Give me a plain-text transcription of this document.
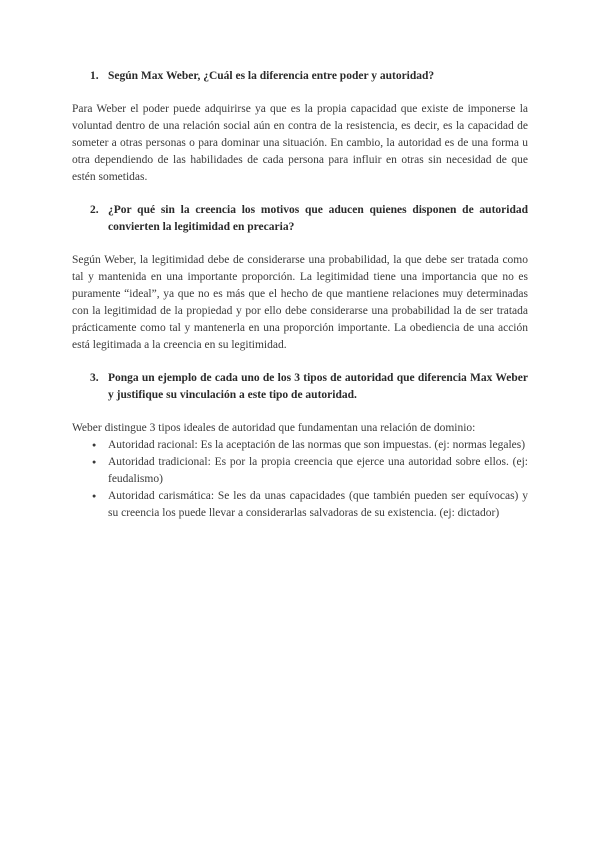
1. Según Max Weber, ¿Cuál es la diferencia entre poder y autoridad?

Para Weber el poder puede adquirirse ya que es la propia capacidad que existe de imponerse la voluntad dentro de una relación social aún en contra de la resistencia, es decir, es la capacidad de someter a otras personas o para dominar una situación. En cambio, la autoridad es de una forma u otra dependiendo de las habilidades de cada persona para influir en otras sin necesidad de que estén sometidas.

2. ¿Por qué sin la creencia los motivos que aducen quienes disponen de autoridad convierten la legitimidad en precaria?

Según Weber, la legitimidad debe de considerarse una probabilidad, la que debe ser tratada como tal y mantenida en una importante proporción. La legitimidad tiene una importancia que no es puramente “ideal”, ya que no es más que el hecho de que mantiene relaciones muy determinadas con la legitimidad de la propiedad y por ello debe considerarse una probabilidad la de ser tratada prácticamente como tal y mantenerla en una proporción importante. La obediencia de una acción está legitimada a la creencia en su legitimidad.

3. Ponga un ejemplo de cada uno de los 3 tipos de autoridad que diferencia Max Weber y justifique su vinculación a este tipo de autoridad.

Weber distingue 3 tipos ideales de autoridad que fundamentan una relación de dominio:

● Autoridad racional: Es la aceptación de las normas que son impuestas. (ej: normas legales)
● Autoridad tradicional: Es por la propia creencia que ejerce una autoridad sobre ellos. (ej: feudalismo)
● Autoridad carismática: Se les da unas capacidades (que también pueden ser equívocas) y su creencia los puede llevar a considerarlas salvadoras de su existencia. (ej: dictador)
